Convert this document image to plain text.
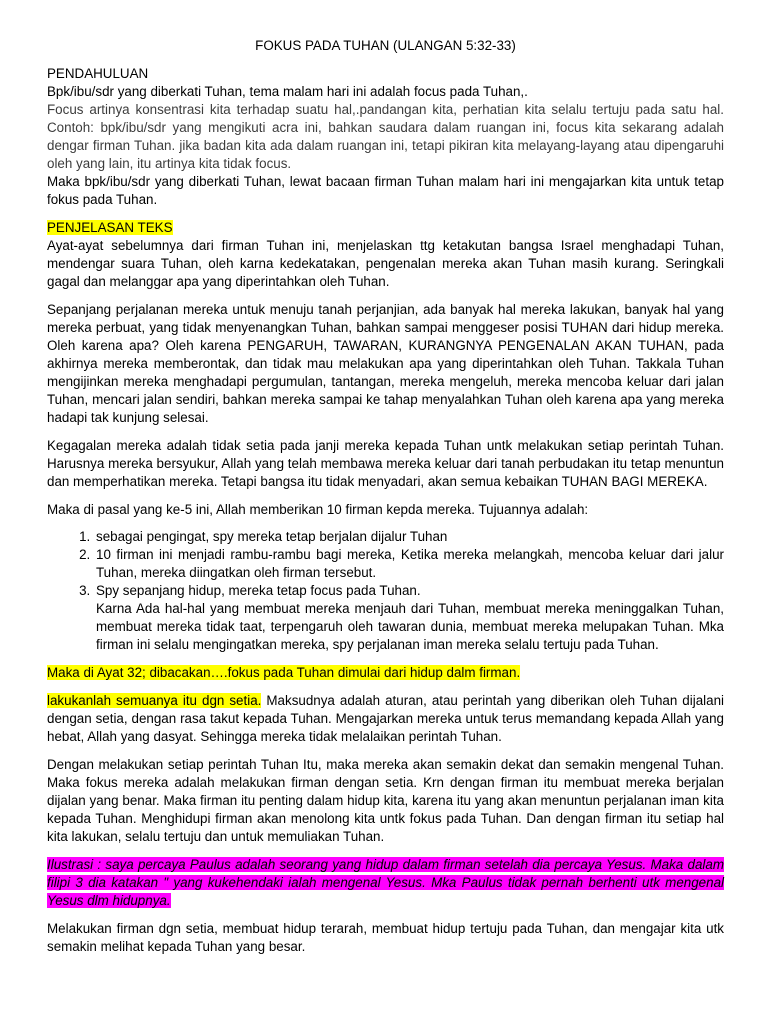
FOKUS PADA TUHAN (ULANGAN 5:32-33)

PENDAHULUAN

Bpk/ibu/sdr yang diberkati Tuhan, tema malam hari ini adalah focus pada Tuhan,.

Focus artinya konsentrasi kita terhadap suatu hal,.pandangan kita, perhatian kita selalu tertuju pada satu hal. Contoh: bpk/ibu/sdr yang mengikuti acra ini, bahkan saudara dalam ruangan ini, focus kita sekarang adalah dengar firman Tuhan. jika badan kita ada dalam ruangan ini, tetapi pikiran kita melayang-layang atau dipengaruhi oleh yang lain, itu artinya kita tidak focus.

Maka bpk/ibu/sdr yang diberkati Tuhan, lewat bacaan firman Tuhan malam hari ini mengajarkan kita untuk tetap fokus pada Tuhan.

PENJELASAN TEKS

Ayat-ayat sebelumnya dari firman Tuhan ini, menjelaskan ttg ketakutan bangsa Israel menghadapi Tuhan, mendengar suara Tuhan, oleh karna kedekatakan, pengenalan mereka akan Tuhan masih kurang. Seringkali gagal dan melanggar apa yang diperintahkan oleh Tuhan.

Sepanjang perjalanan mereka untuk menuju tanah perjanjian, ada banyak hal mereka lakukan, banyak hal yang mereka perbuat, yang tidak menyenangkan Tuhan, bahkan sampai menggeser posisi TUHAN dari hidup mereka. Oleh karena apa? Oleh karena PENGARUH, TAWARAN, KURANGNYA PENGENALAN AKAN TUHAN, pada akhirnya mereka memberontak, dan tidak mau melakukan apa yang diperintahkan oleh Tuhan. Takkala Tuhan mengijinkan mereka menghadapi pergumulan, tantangan, mereka mengeluh, mereka mencoba keluar dari jalan Tuhan, mencari jalan sendiri, bahkan mereka sampai ke tahap menyalahkan Tuhan oleh karena apa yang mereka hadapi tak kunjung selesai.

Kegagalan mereka adalah tidak setia pada janji mereka kepada Tuhan untk melakukan setiap perintah Tuhan. Harusnya mereka bersyukur, Allah yang telah membawa mereka keluar dari tanah perbudakan itu tetap menuntun dan memperhatikan mereka. Tetapi bangsa itu tidak menyadari, akan semua kebaikan TUHAN BAGI MEREKA.

Maka di pasal yang ke-5 ini, Allah memberikan 10 firman kepda mereka. Tujuannya adalah:

1. sebagai pengingat, spy mereka tetap berjalan dijalur Tuhan
2. 10 firman ini menjadi rambu-rambu bagi mereka, Ketika mereka melangkah, mencoba keluar dari jalur Tuhan, mereka diingatkan oleh firman tersebut.
3. Spy sepanjang hidup, mereka tetap focus pada Tuhan.
Karna Ada hal-hal yang membuat mereka menjauh dari Tuhan, membuat mereka meninggalkan Tuhan, membuat mereka tidak taat, terpengaruh oleh tawaran dunia, membuat mereka melupakan Tuhan. Mka firman ini selalu mengingatkan mereka, spy perjalanan iman mereka selalu tertuju pada Tuhan.

Maka di Ayat 32; dibacakan….fokus pada Tuhan dimulai dari hidup dalm firman.

lakukanlah semuanya itu dgn setia. Maksudnya adalah aturan, atau perintah yang diberikan oleh Tuhan dijalani dengan setia, dengan rasa takut kepada Tuhan. Mengajarkan mereka untuk terus memandang kepada Allah yang hebat, Allah yang dasyat. Sehingga mereka tidak melalaikan perintah Tuhan.

Dengan melakukan setiap perintah Tuhan Itu, maka mereka akan semakin dekat dan semakin mengenal Tuhan. Maka fokus mereka adalah melakukan firman dengan setia. Krn dengan firman itu membuat mereka berjalan dijalan yang benar. Maka firman itu penting dalam hidup kita, karena itu yang akan menuntun perjalanan iman kita kepada Tuhan. Menghidupi firman akan menolong kita untk fokus pada Tuhan. Dan dengan firman itu setiap hal kita lakukan, selalu tertuju dan untuk memuliakan Tuhan.

Ilustrasi : saya percaya Paulus adalah seorang yang hidup dalam firman setelah dia percaya Yesus. Maka dalam filipi 3 dia katakan " yang kukehendaki ialah mengenal Yesus. Mka Paulus tidak pernah berhenti utk mengenal Yesus dlm hidupnya.

Melakukan firman dgn setia, membuat hidup terarah, membuat hidup tertuju pada Tuhan, dan mengajar kita utk semakin melihat kepada Tuhan yang besar.
